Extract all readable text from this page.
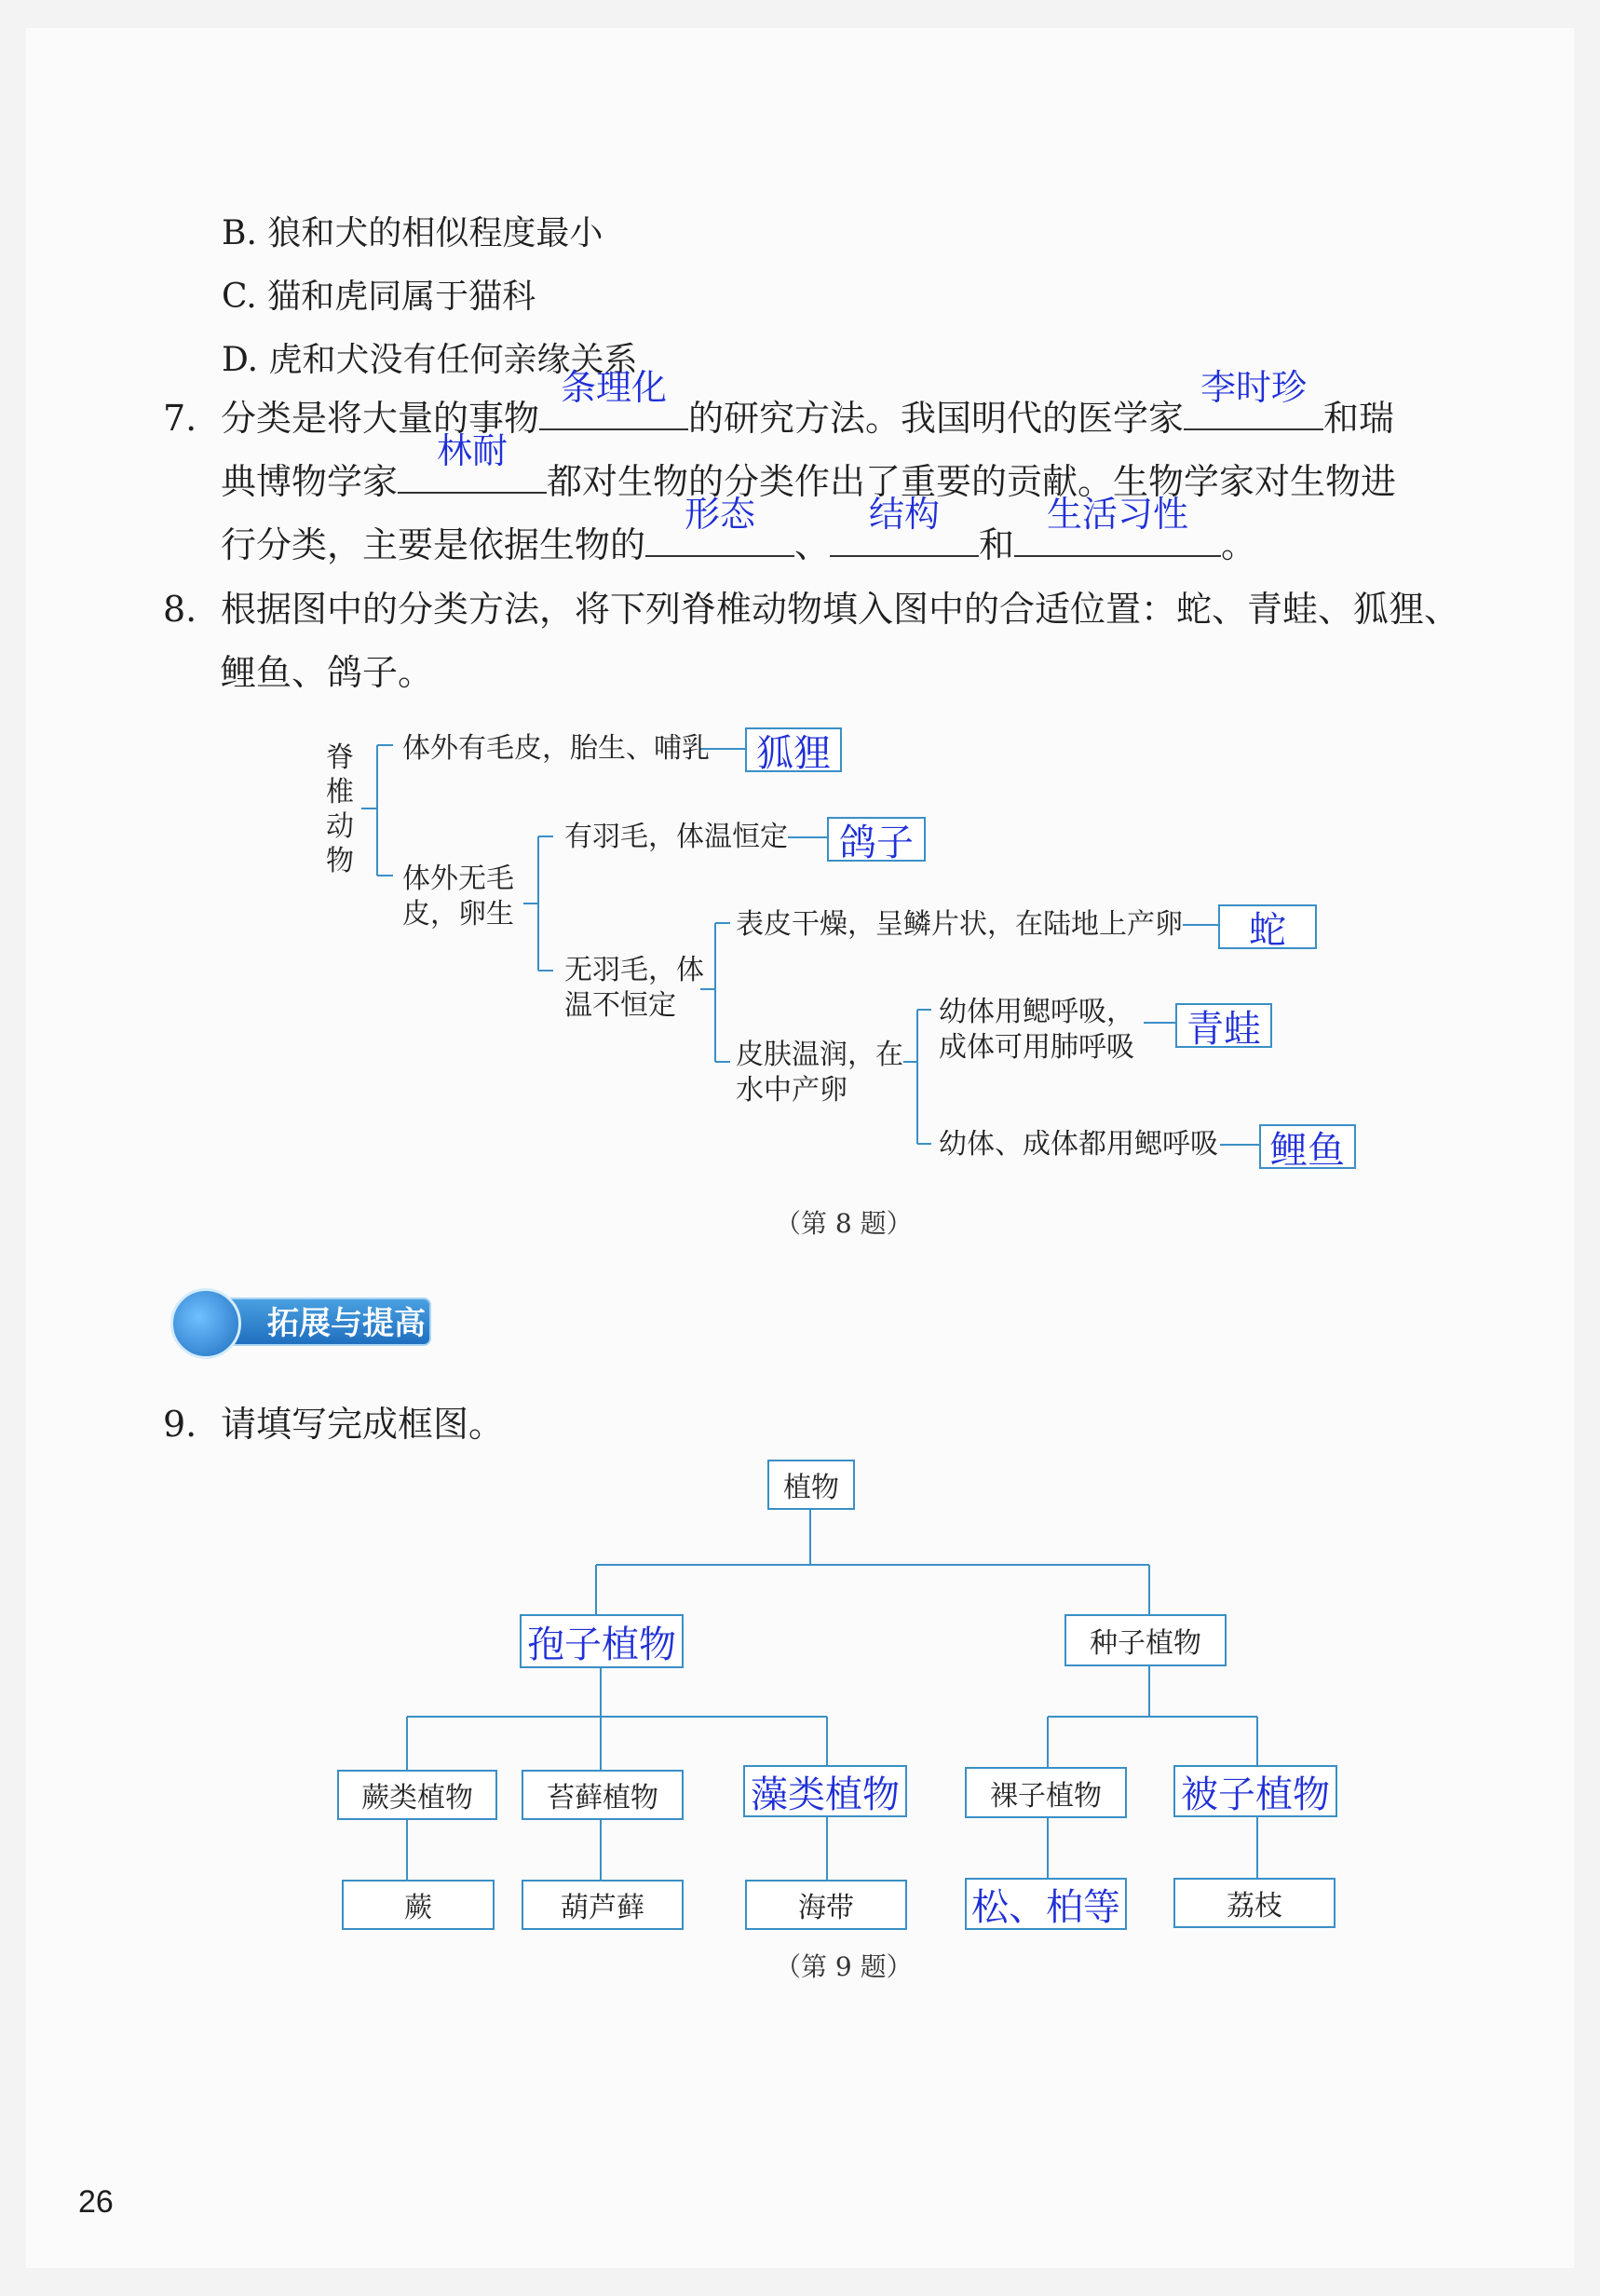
B. 狼和犬的相似程度最小
C. 猫和虎同属于猫科
D. 虎和犬没有任何亲缘关系
7. 分类是将大量的事物
条理化
的研究方法。我国明代的医学家
李时珍
和瑞
典博物学家
林耐
都对生物的分类作出了重要的贡献。生物学家对生物进
行分类，主要是依据生物的
形态
、
结构
和
生活习性
。
8. 根据图中的分类方法，将下列脊椎动物填入图中的合适位置：蛇、青蛙、狐狸、
鲤鱼、鸽子。
脊
椎
动
物
体外有毛皮，胎生、哺乳	狐狸
体外无毛
皮，卵生
有羽毛，体温恒定	鸽子
无羽毛，体
温不恒定
表皮干燥，呈鳞片状，在陆地上产卵	蛇
皮肤温润，在
水中产卵
幼体用鳃呼吸，
成体可用肺呼吸	青蛙
幼体、成体都用鳃呼吸	鲤鱼
（第 8 题）
拓展与提高
9. 请填写完成框图。
植物
孢子植物	种子植物
蕨类植物	苔藓植物	藻类植物	裸子植物	被子植物
蕨	葫芦藓	海带	松、柏等	荔枝
（第 9 题）
26
